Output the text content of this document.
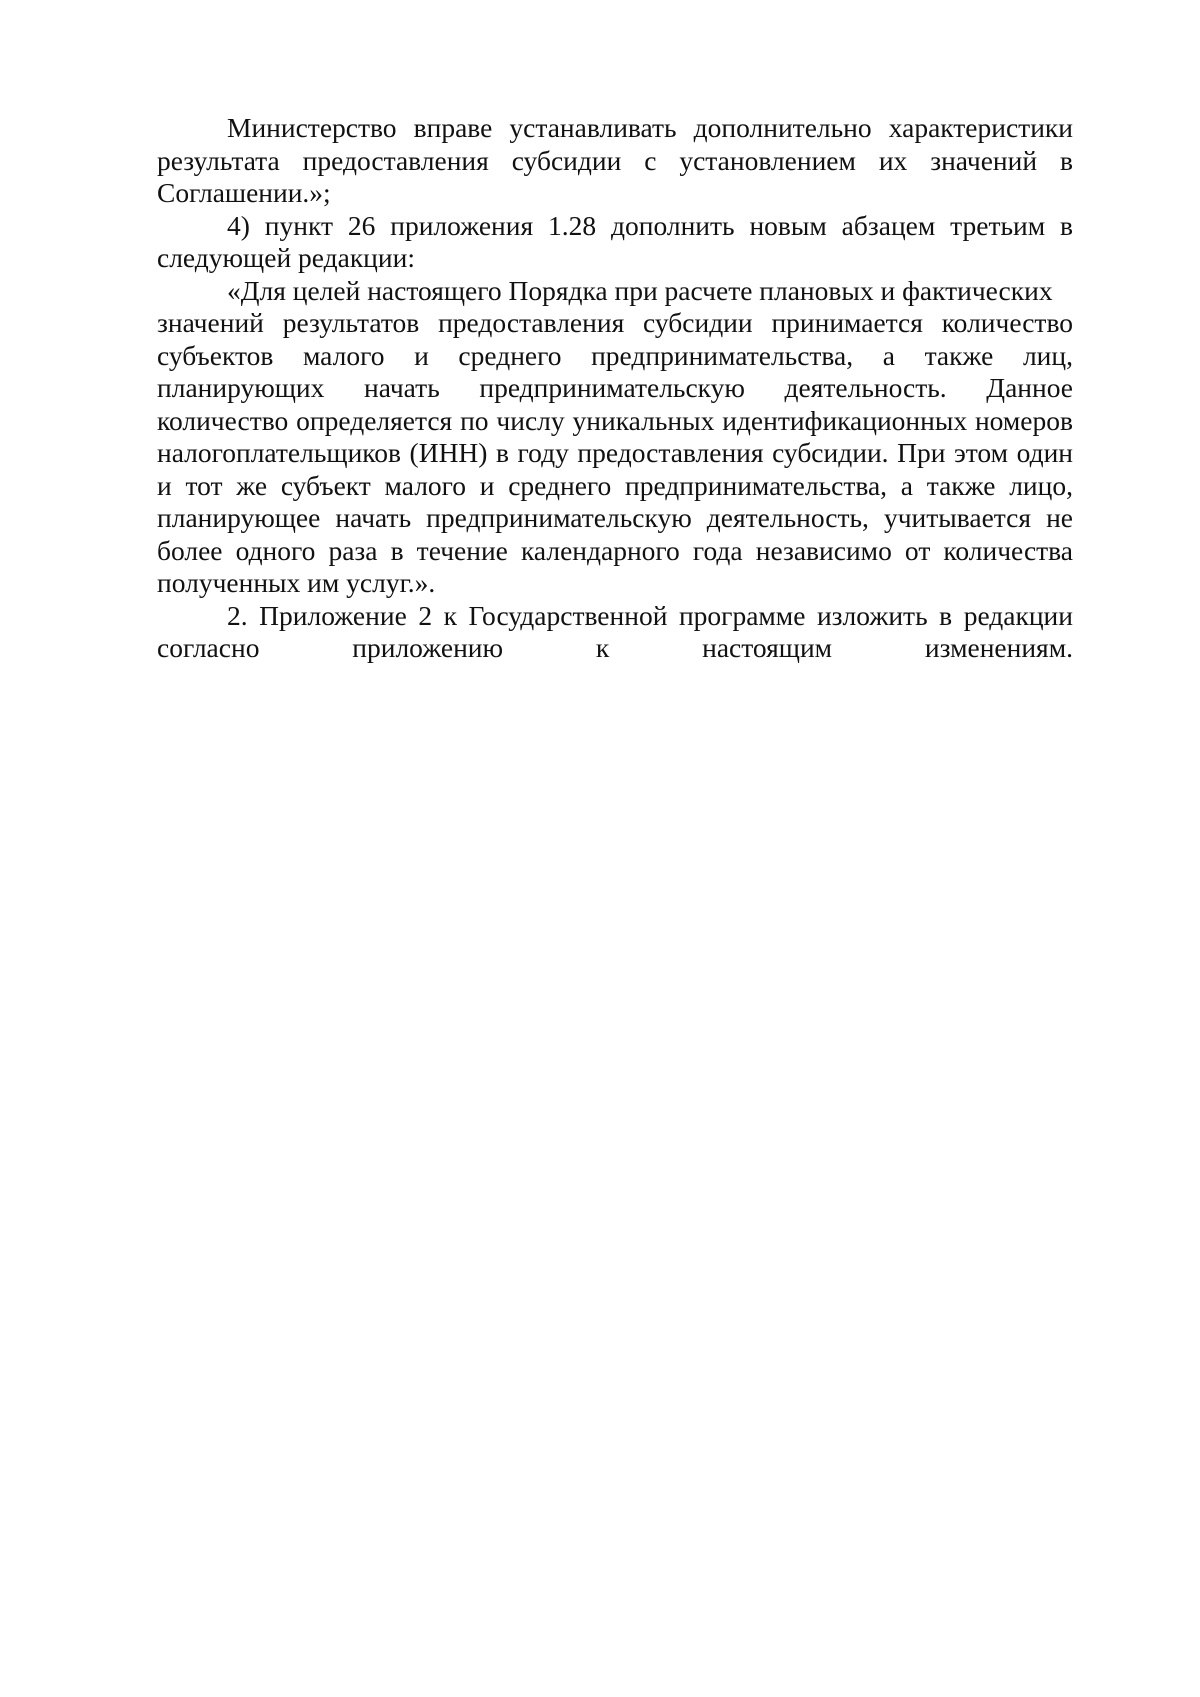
Министерство вправе устанавливать дополнительно характеристики результата предоставления субсидии с установлением их значений в Соглашении.»;

4) пункт 26 приложения 1.28 дополнить новым абзацем третьим в следующей редакции:

«Для целей настоящего Порядка при расчете плановых и фактических

значений результатов предоставления субсидии принимается количество субъектов малого и среднего предпринимательства, а также лиц, планирующих начать предпринимательскую деятельность. Данное количество определяется по числу уникальных идентификационных номеров налогоплательщиков (ИНН) в году предоставления субсидии. При этом один и тот же субъект малого и среднего предпринимательства, а также лицо, планирующее начать предпринимательскую деятельность, учитывается не более одного раза в течение календарного года независимо от количества полученных им услуг.».

2. Приложение 2 к Государственной программе изложить в редакции согласно приложению к настоящим изменениям.
